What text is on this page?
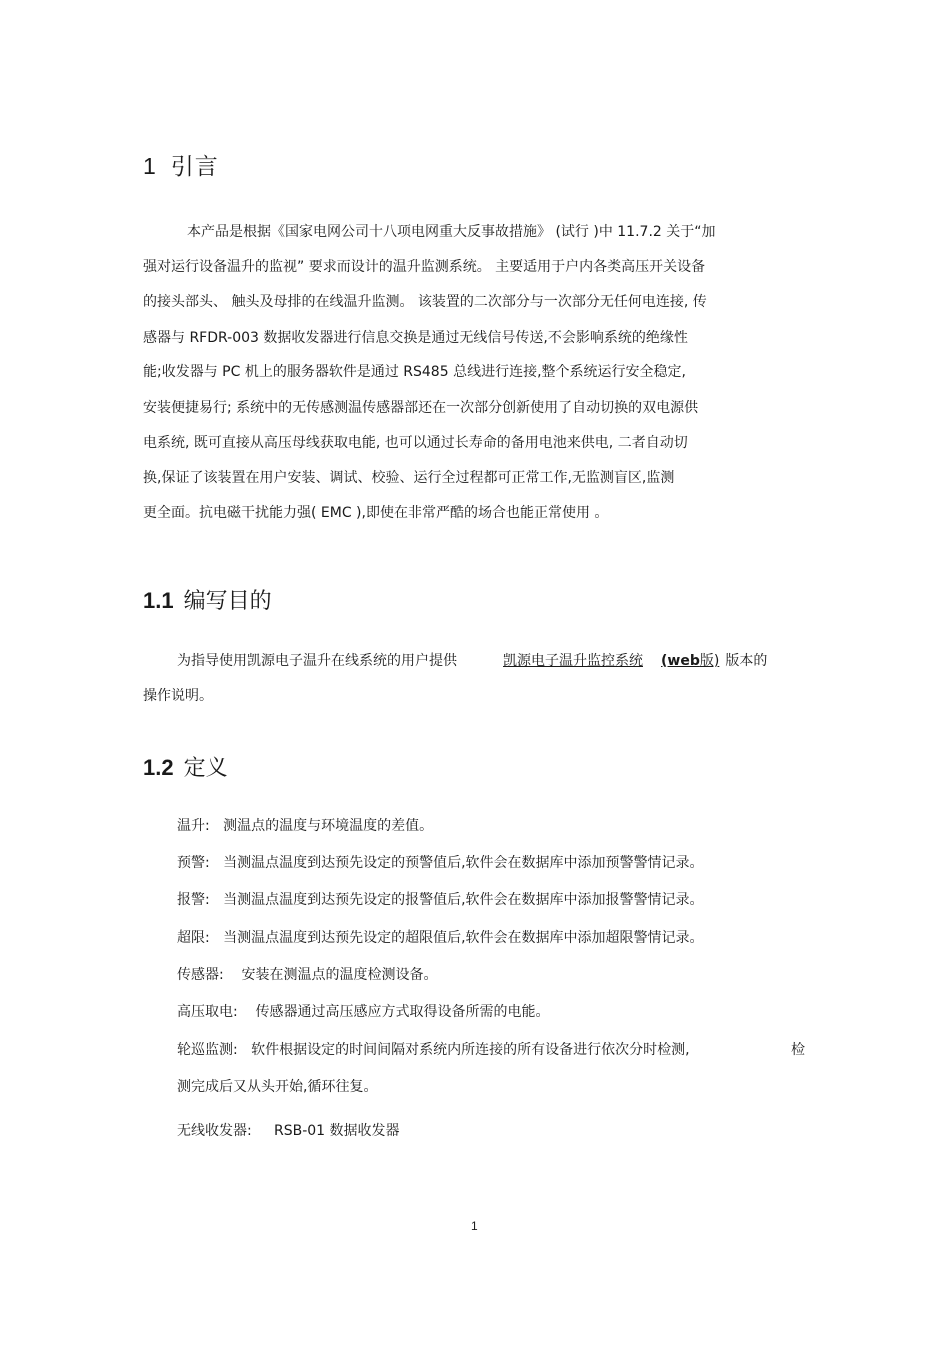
1 引言
本产品是根据《国家电网公司十八项电网重大反事故措施》 (试行 )中 11.7.2 关于“加
强对运行设备温升的监视” 要求而设计的温升监测系统。 主要适用于户内各类高压开关设备
的接头部头、 触头及母排的在线温升监测。 该装置的二次部分与一次部分无任何电连接, 传
感器与 RFDR-003 数据收发器进行信息交换是通过无线信号传送,不会影响系统的绝缘性
能;收发器与 PC 机上的服务器软件是通过 RS485 总线进行连接,整个系统运行安全稳定,
安装便捷易行; 系统中的无传感测温传感器部还在一次部分创新使用了自动切换的双电源供
电系统, 既可直接从高压母线获取电能, 也可以通过长寿命的备用电池来供电, 二者自动切
换,保证了该装置在用户安装、调试、校验、运行全过程都可正常工作,无监测盲区,监测
更全面。抗电磁干扰能力强( EMC ),即使在非常严酷的场合也能正常使用 。
1.1 编写目的
为指导使用凯源电子温升在线系统的用户提供	凯源电子温升监控系统 (web版) 版本的
操作说明。
1.2 定义
温升: 测温点的温度与环境温度的差值。
预警: 当测温点温度到达预先设定的预警值后,软件会在数据库中添加预警警情记录。
报警: 当测温点温度到达预先设定的报警值后,软件会在数据库中添加报警警情记录。
超限: 当测温点温度到达预先设定的超限值后,软件会在数据库中添加超限警情记录。
传感器: 安装在测温点的温度检测设备。
高压取电: 传感器通过高压感应方式取得设备所需的电能。
轮巡监测: 软件根据设定的时间间隔对系统内所连接的所有设备进行依次分时检测,	检
测完成后又从头开始,循环往复。
无线收发器: RSB-01 数据收发器
1
